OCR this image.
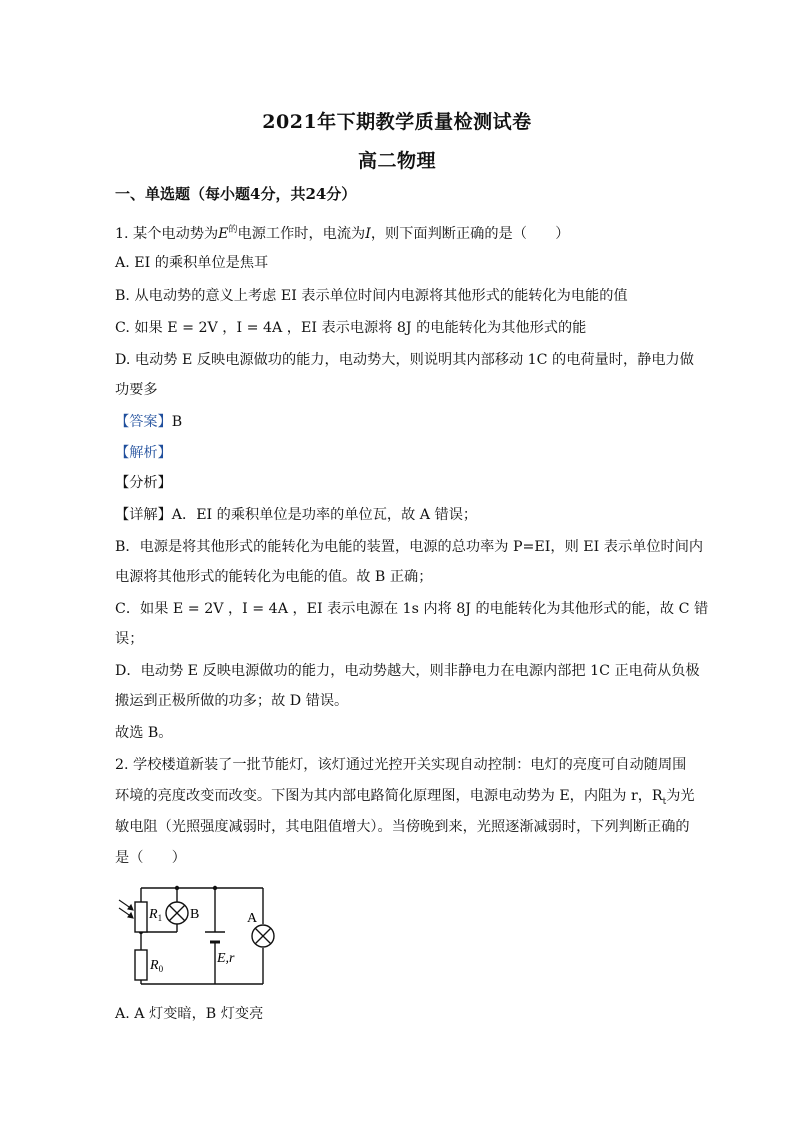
2021年下期教学质量检测试卷
高二物理
一、单选题（每小题4分，共24分）
1. 某个电动势为$E^的$电源工作时，电流为I，则下面判断正确的是（　　）
A. EI 的乘积单位是焦耳
B. 从电动势的意义上考虑 EI 表示单位时间内电源将其他形式的能转化为电能的值
C. 如果 E = 2V ，I = 4A ，EI 表示电源将 8J 的电能转化为其他形式的能
D. 电动势 E 反映电源做功的能力，电动势大，则说明其内部移动 1C 的电荷量时，静电力做
功要多
【答案】B
【解析】
【分析】
【详解】A．EI 的乘积单位是功率的单位瓦，故 A 错误；
B．电源是将其他形式的能转化为电能的装置，电源的总功率为 P=EI，则 EI 表示单位时间内
电源将其他形式的能转化为电能的值。故 B 正确；
C．如果 E = 2V ，I = 4A ，EI 表示电源在 1s 内将 8J 的电能转化为其他形式的能，故 C 错
误；
D．电动势 E 反映电源做功的能力，电动势越大，则非静电力在电源内部把 1C 正电荷从负极
搬运到正极所做的功多；故 D 错误。
故选 B。
2. 学校楼道新装了一批节能灯，该灯通过光控开关实现自动控制：电灯的亮度可自动随周围
环境的亮度改变而改变。下图为其内部电路简化原理图，电源电动势为 E，内阻为 r，$R_t$为光
敏电阻（光照强度减弱时，其电阻值增大）。当傍晚到来，光照逐渐减弱时，下列判断正确的
是（　　）
$R_1$ B
$R_0$
E,r
A
A. A 灯变暗，B 灯变亮
